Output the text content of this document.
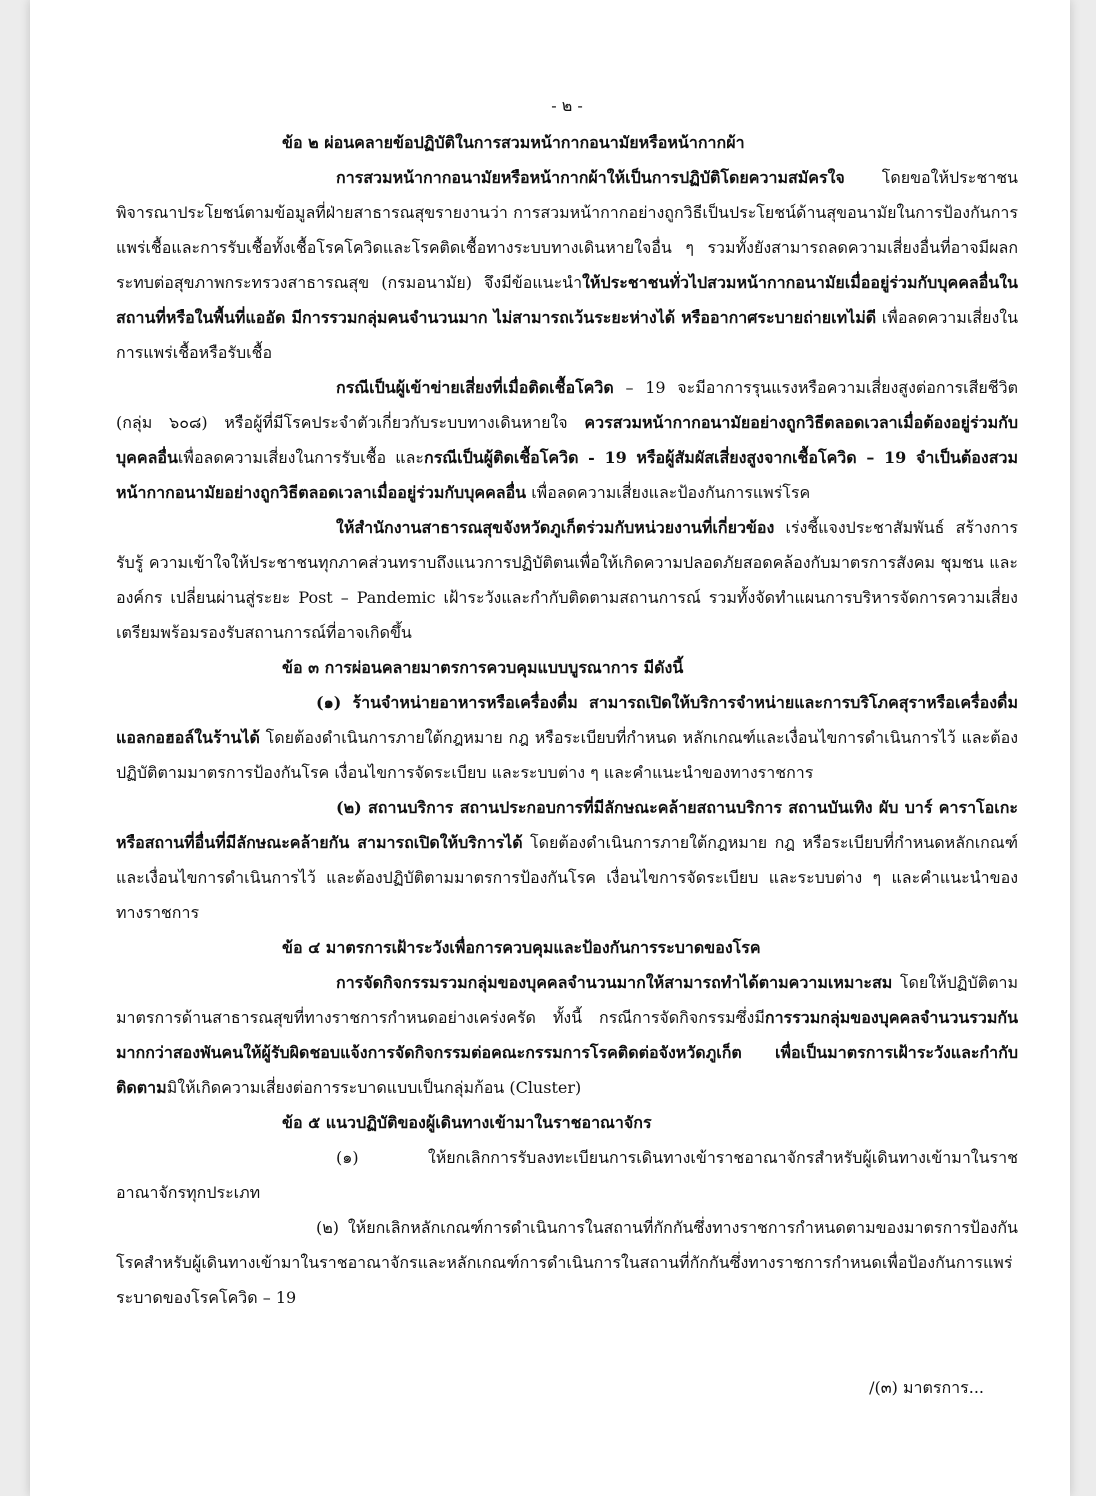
- ๒ -

ข้อ ๒ ผ่อนคลายข้อปฏิบัติในการสวมหน้ากากอนามัยหรือหน้ากากผ้า

การสวมหน้ากากอนามัยหรือหน้ากากผ้าให้เป็นการปฏิบัติโดยความสมัครใจ โดยขอให้ประชาชนพิจารณาประโยชน์ตามข้อมูลที่ฝ่ายสาธารณสุขรายงานว่า การสวมหน้ากากอย่างถูกวิธีเป็นประโยชน์ด้านสุขอนามัยในการป้องกันการแพร่เชื้อและการรับเชื้อทั้งเชื้อโรคโควิดและโรคติดเชื้อทางระบบทางเดินหายใจอื่น ๆ รวมทั้งยังสามารถลดความเสี่ยงอื่นที่อาจมีผลกระทบต่อสุขภาพกระทรวงสาธารณสุข (กรมอนามัย) จึงมีข้อแนะนำให้ประชาชนทั่วไปสวมหน้ากากอนามัยเมื่ออยู่ร่วมกับบุคคลอื่นในสถานที่หรือในพื้นที่แออัด มีการรวมกลุ่มคนจำนวนมาก ไม่สามารถเว้นระยะห่างได้ หรืออากาศระบายถ่ายเทไม่ดี เพื่อลดความเสี่ยงในการแพร่เชื้อหรือรับเชื้อ

กรณีเป็นผู้เข้าข่ายเสี่ยงที่เมื่อติดเชื้อโควิด – 19 จะมีอาการรุนแรงหรือความเสี่ยงสูงต่อการเสียชีวิต (กลุ่ม ๖๐๘) หรือผู้ที่มีโรคประจำตัวเกี่ยวกับระบบทางเดินหายใจ ควรสวมหน้ากากอนามัยอย่างถูกวิธีตลอดเวลาเมื่อต้องอยู่ร่วมกับบุคคลอื่นเพื่อลดความเสี่ยงในการรับเชื้อ และกรณีเป็นผู้ติดเชื้อโควิด - 19 หรือผู้สัมผัสเสี่ยงสูงจากเชื้อโควิด – 19 จำเป็นต้องสวมหน้ากากอนามัยอย่างถูกวิธีตลอดเวลาเมื่ออยู่ร่วมกับบุคคลอื่น เพื่อลดความเสี่ยงและป้องกันการแพร่โรค

ให้สำนักงานสาธารณสุขจังหวัดภูเก็ตร่วมกับหน่วยงานที่เกี่ยวข้อง เร่งชี้แจงประชาสัมพันธ์ สร้างการรับรู้ ความเข้าใจให้ประชาชนทุกภาคส่วนทราบถึงแนวการปฏิบัติตนเพื่อให้เกิดความปลอดภัยสอดคล้องกับมาตรการสังคม ชุมชน และองค์กร เปลี่ยนผ่านสู่ระยะ Post – Pandemic เฝ้าระวังและกำกับติดตามสถานการณ์ รวมทั้งจัดทำแผนการบริหารจัดการความเสี่ยงเตรียมพร้อมรองรับสถานการณ์ที่อาจเกิดขึ้น

ข้อ ๓ การผ่อนคลายมาตรการควบคุมแบบบูรณาการ มีดังนี้

(๑) ร้านจำหน่ายอาหารหรือเครื่องดื่ม สามารถเปิดให้บริการจำหน่ายและการบริโภคสุราหรือเครื่องดื่มแอลกอฮอล์ในร้านได้ โดยต้องดำเนินการภายใต้กฎหมาย กฎ หรือระเบียบที่กำหนด หลักเกณฑ์และเงื่อนไขการดำเนินการไว้ และต้องปฏิบัติตามมาตรการป้องกันโรค เงื่อนไขการจัดระเบียบ และระบบต่าง ๆ และคำแนะนำของทางราชการ

(๒) สถานบริการ สถานประกอบการที่มีลักษณะคล้ายสถานบริการ สถานบันเทิง ผับ บาร์ คาราโอเกะหรือสถานที่อื่นที่มีลักษณะคล้ายกัน สามารถเปิดให้บริการได้ โดยต้องดำเนินการภายใต้กฎหมาย กฎ หรือระเบียบที่กำหนดหลักเกณฑ์และเงื่อนไขการดำเนินการไว้ และต้องปฏิบัติตามมาตรการป้องกันโรค เงื่อนไขการจัดระเบียบ และระบบต่าง ๆ และคำแนะนำของทางราชการ

ข้อ ๔ มาตรการเฝ้าระวังเพื่อการควบคุมและป้องกันการระบาดของโรค

การจัดกิจกรรมรวมกลุ่มของบุคคลจำนวนมากให้สามารถทำได้ตามความเหมาะสม โดยให้ปฏิบัติตามมาตรการด้านสาธารณสุขที่ทางราชการกำหนดอย่างเคร่งครัด ทั้งนี้ กรณีการจัดกิจกรรมซึ่งมีการรวมกลุ่มของบุคคลจำนวนรวมกันมากกว่าสองพันคนให้ผู้รับผิดชอบแจ้งการจัดกิจกรรมต่อคณะกรรมการโรคติดต่อจังหวัดภูเก็ต เพื่อเป็นมาตรการเฝ้าระวังและกำกับติดตามมิให้เกิดความเสี่ยงต่อการระบาดแบบเป็นกลุ่มก้อน (Cluster)

ข้อ ๕ แนวปฏิบัติของผู้เดินทางเข้ามาในราชอาณาจักร

(๑) ให้ยกเลิกการรับลงทะเบียนการเดินทางเข้าราชอาณาจักรสำหรับผู้เดินทางเข้ามาในราชอาณาจักรทุกประเภท

(๒) ให้ยกเลิกหลักเกณฑ์การดำเนินการในสถานที่กักกันซึ่งทางราชการกำหนดตามของมาตรการป้องกันโรคสำหรับผู้เดินทางเข้ามาในราชอาณาจักรและหลักเกณฑ์การดำเนินการในสถานที่กักกันซึ่งทางราชการกำหนดเพื่อป้องกันการแพร่ระบาดของโรคโควิด – 19

/(๓) มาตรการ...
